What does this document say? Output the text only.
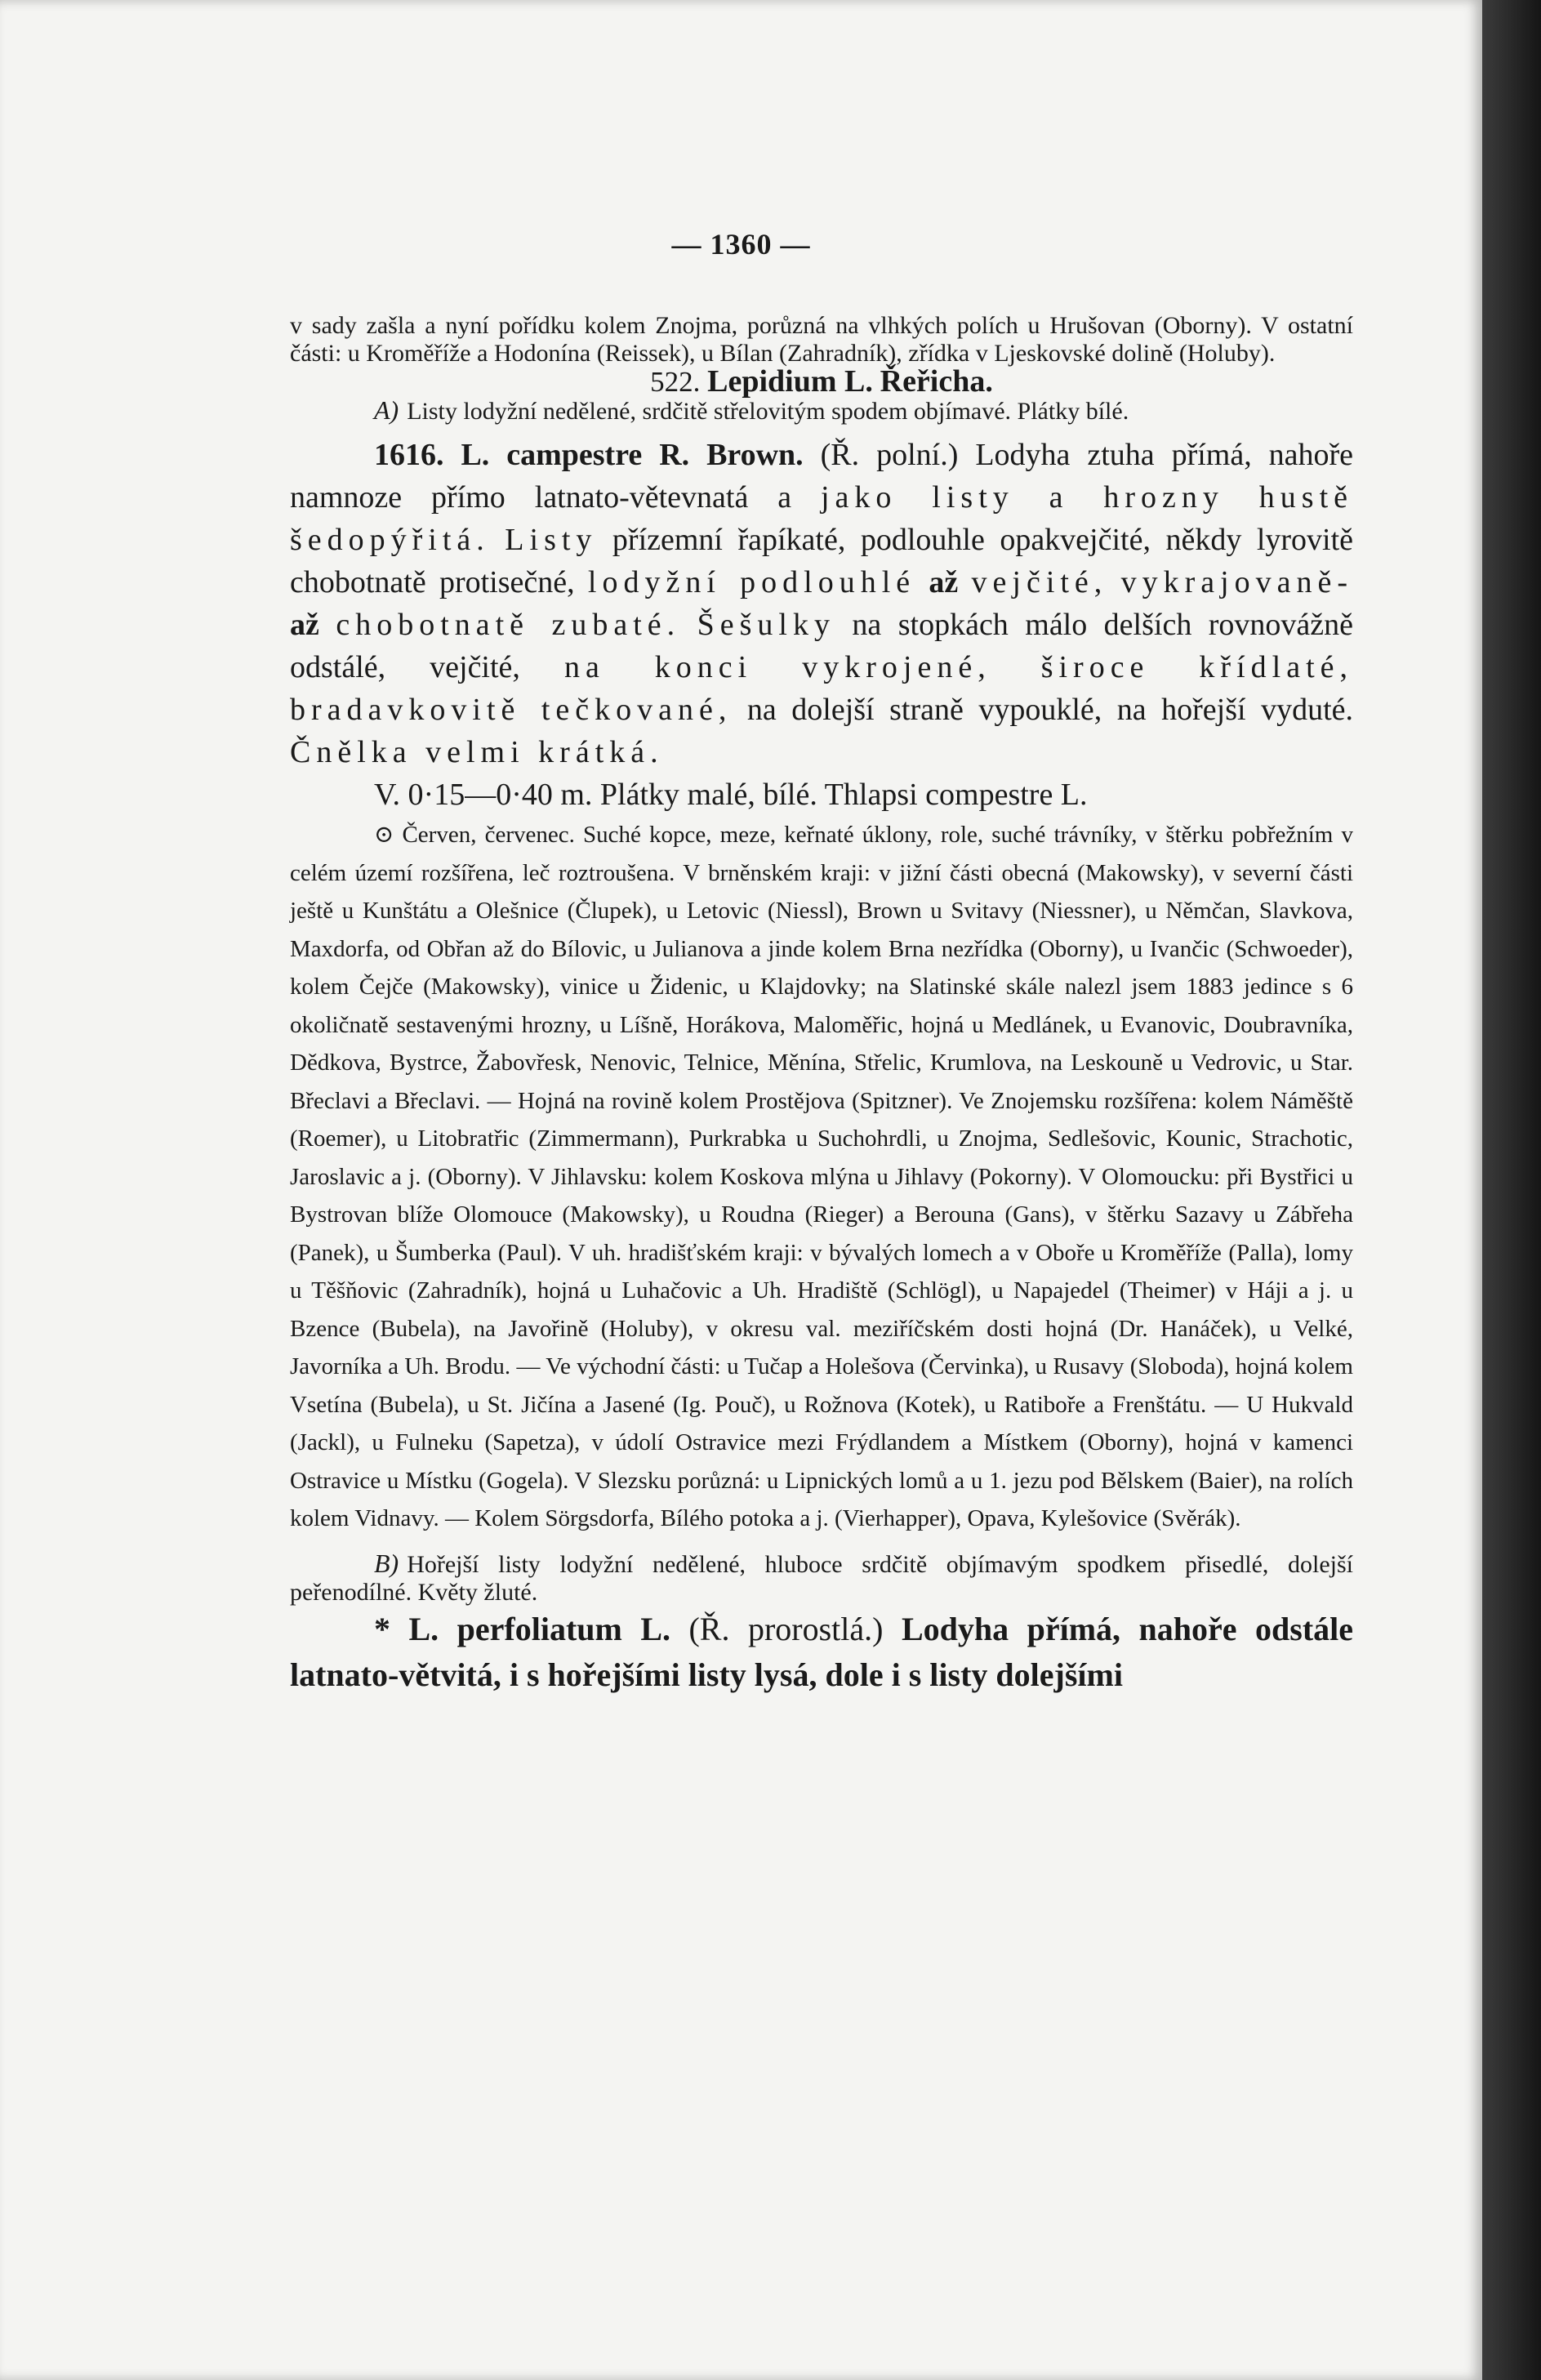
— 1360 —

v sady zašla a nyní pořídku kolem Znojma, porůzná na vlhkých polích u Hrušovan (Oborny). V ostatní části: u Kroměříže a Hodonína (Reissek), u Bílan (Zahradník), zřídka v Ljeskovské dolině (Holuby).

522. Lepidium L. Řeřicha.

A) Listy lodyžní nedělené, srdčitě střelovitým spodem objímavé. Plátky bílé.

1616. L. campestre R. Brown. (Ř. polní.) Lodyha ztuha přímá, nahoře namnoze přímo latnato-větevnatá a jako listy a hrozny hustě šedopýřitá. Listy přízemní řapíkaté, podlouhle opakvejčité, někdy lyrovitě chobotnatě protisečné, lodyžní podlouhlé až vejčité, vykrajovaně- až chobotnatě zubaté. Šešulky na stopkách málo delších rovnovážně odstálé, vejčité, na konci vykrojené, široce křídlaté, bradavkovitě tečkované, na dolejší straně vypouklé, na hořejší vyduté. Čnělka velmi krátká.

V. 0·15—0·40 m. Plátky malé, bílé. Thlapsi compestre L.

⊙ Červen, červenec. Suché kopce, meze, keřnaté úklony, role, suché trávníky, v štěrku pobřežním v celém území rozšířena, leč roztroušena. V brněnském kraji: v jižní části obecná (Makowsky), v severní části ještě u Kunštátu a Olešnice (Člupek), u Letovic (Niessl), Brown u Svitavy (Niessner), u Němčan, Slavkova, Maxdorfa, od Obřan až do Bílovic, u Julianova a jinde kolem Brna nezřídka (Oborny), u Ivančic (Schwoeder), kolem Čejče (Makowsky), vinice u Židenic, u Klajdovky; na Slatinské skále nalezl jsem 1883 jedince s 6 okoličnatě sestavenými hrozny, u Líšně, Horákova, Maloměřic, hojná u Medlánek, u Evanovic, Doubravníka, Dědkova, Bystrce, Žabovřesk, Nenovic, Telnice, Měnína, Střelic, Krumlova, na Leskouně u Vedrovic, u Star. Břeclavi a Břeclavi. — Hojná na rovině kolem Prostějova (Spitzner). Ve Znojemsku rozšířena: kolem Náměště (Roemer), u Litobratřic (Zimmermann), Purkrabka u Suchohrdli, u Znojma, Sedlešovic, Kounic, Strachotic, Jaroslavic a j. (Oborny). V Jihlavsku: kolem Koskova mlýna u Jihlavy (Pokorny). V Olomoucku: při Bystřici u Bystrovan blíže Olomouce (Makowsky), u Roudna (Rieger) a Berouna (Gans), v štěrku Sazavy u Zábřeha (Panek), u Šumberka (Paul). V uh. hradišťském kraji: v bývalých lomech a v Oboře u Kroměříže (Palla), lomy u Těšňovic (Zahradník), hojná u Luhačovic a Uh. Hradiště (Schlögl), u Napajedel (Theimer) v Háji a j. u Bzence (Bubela), na Javořině (Holuby), v okresu val. meziříčském dosti hojná (Dr. Hanáček), u Velké, Javorníka a Uh. Brodu. — Ve východní části: u Tučap a Holešova (Červinka), u Rusavy (Sloboda), hojná kolem Vsetína (Bubela), u St. Jičína a Jasené (Ig. Pouč), u Rožnova (Kotek), u Ratiboře a Frenštátu. — U Hukvald (Jackl), u Fulneku (Sapetza), v údolí Ostravice mezi Frýdlandem a Místkem (Oborny), hojná v kamenci Ostravice u Místku (Gogela). V Slezsku porůzná: u Lipnických lomů a u 1. jezu pod Bělskem (Baier), na rolích kolem Vidnavy. — Kolem Sörgsdorfa, Bílého potoka a j. (Vierhapper), Opava, Kylešovice (Svěrák).

B) Hořejší listy lodyžní nedělené, hluboce srdčitě objímavým spodkem přisedlé, dolejší peřenodílné. Květy žluté.

* L. perfoliatum L. (Ř. prorostlá.) Lodyha přímá, nahoře odstále latnato-větvitá, i s hořejšími listy lysá, dole i s listy dolejšími
